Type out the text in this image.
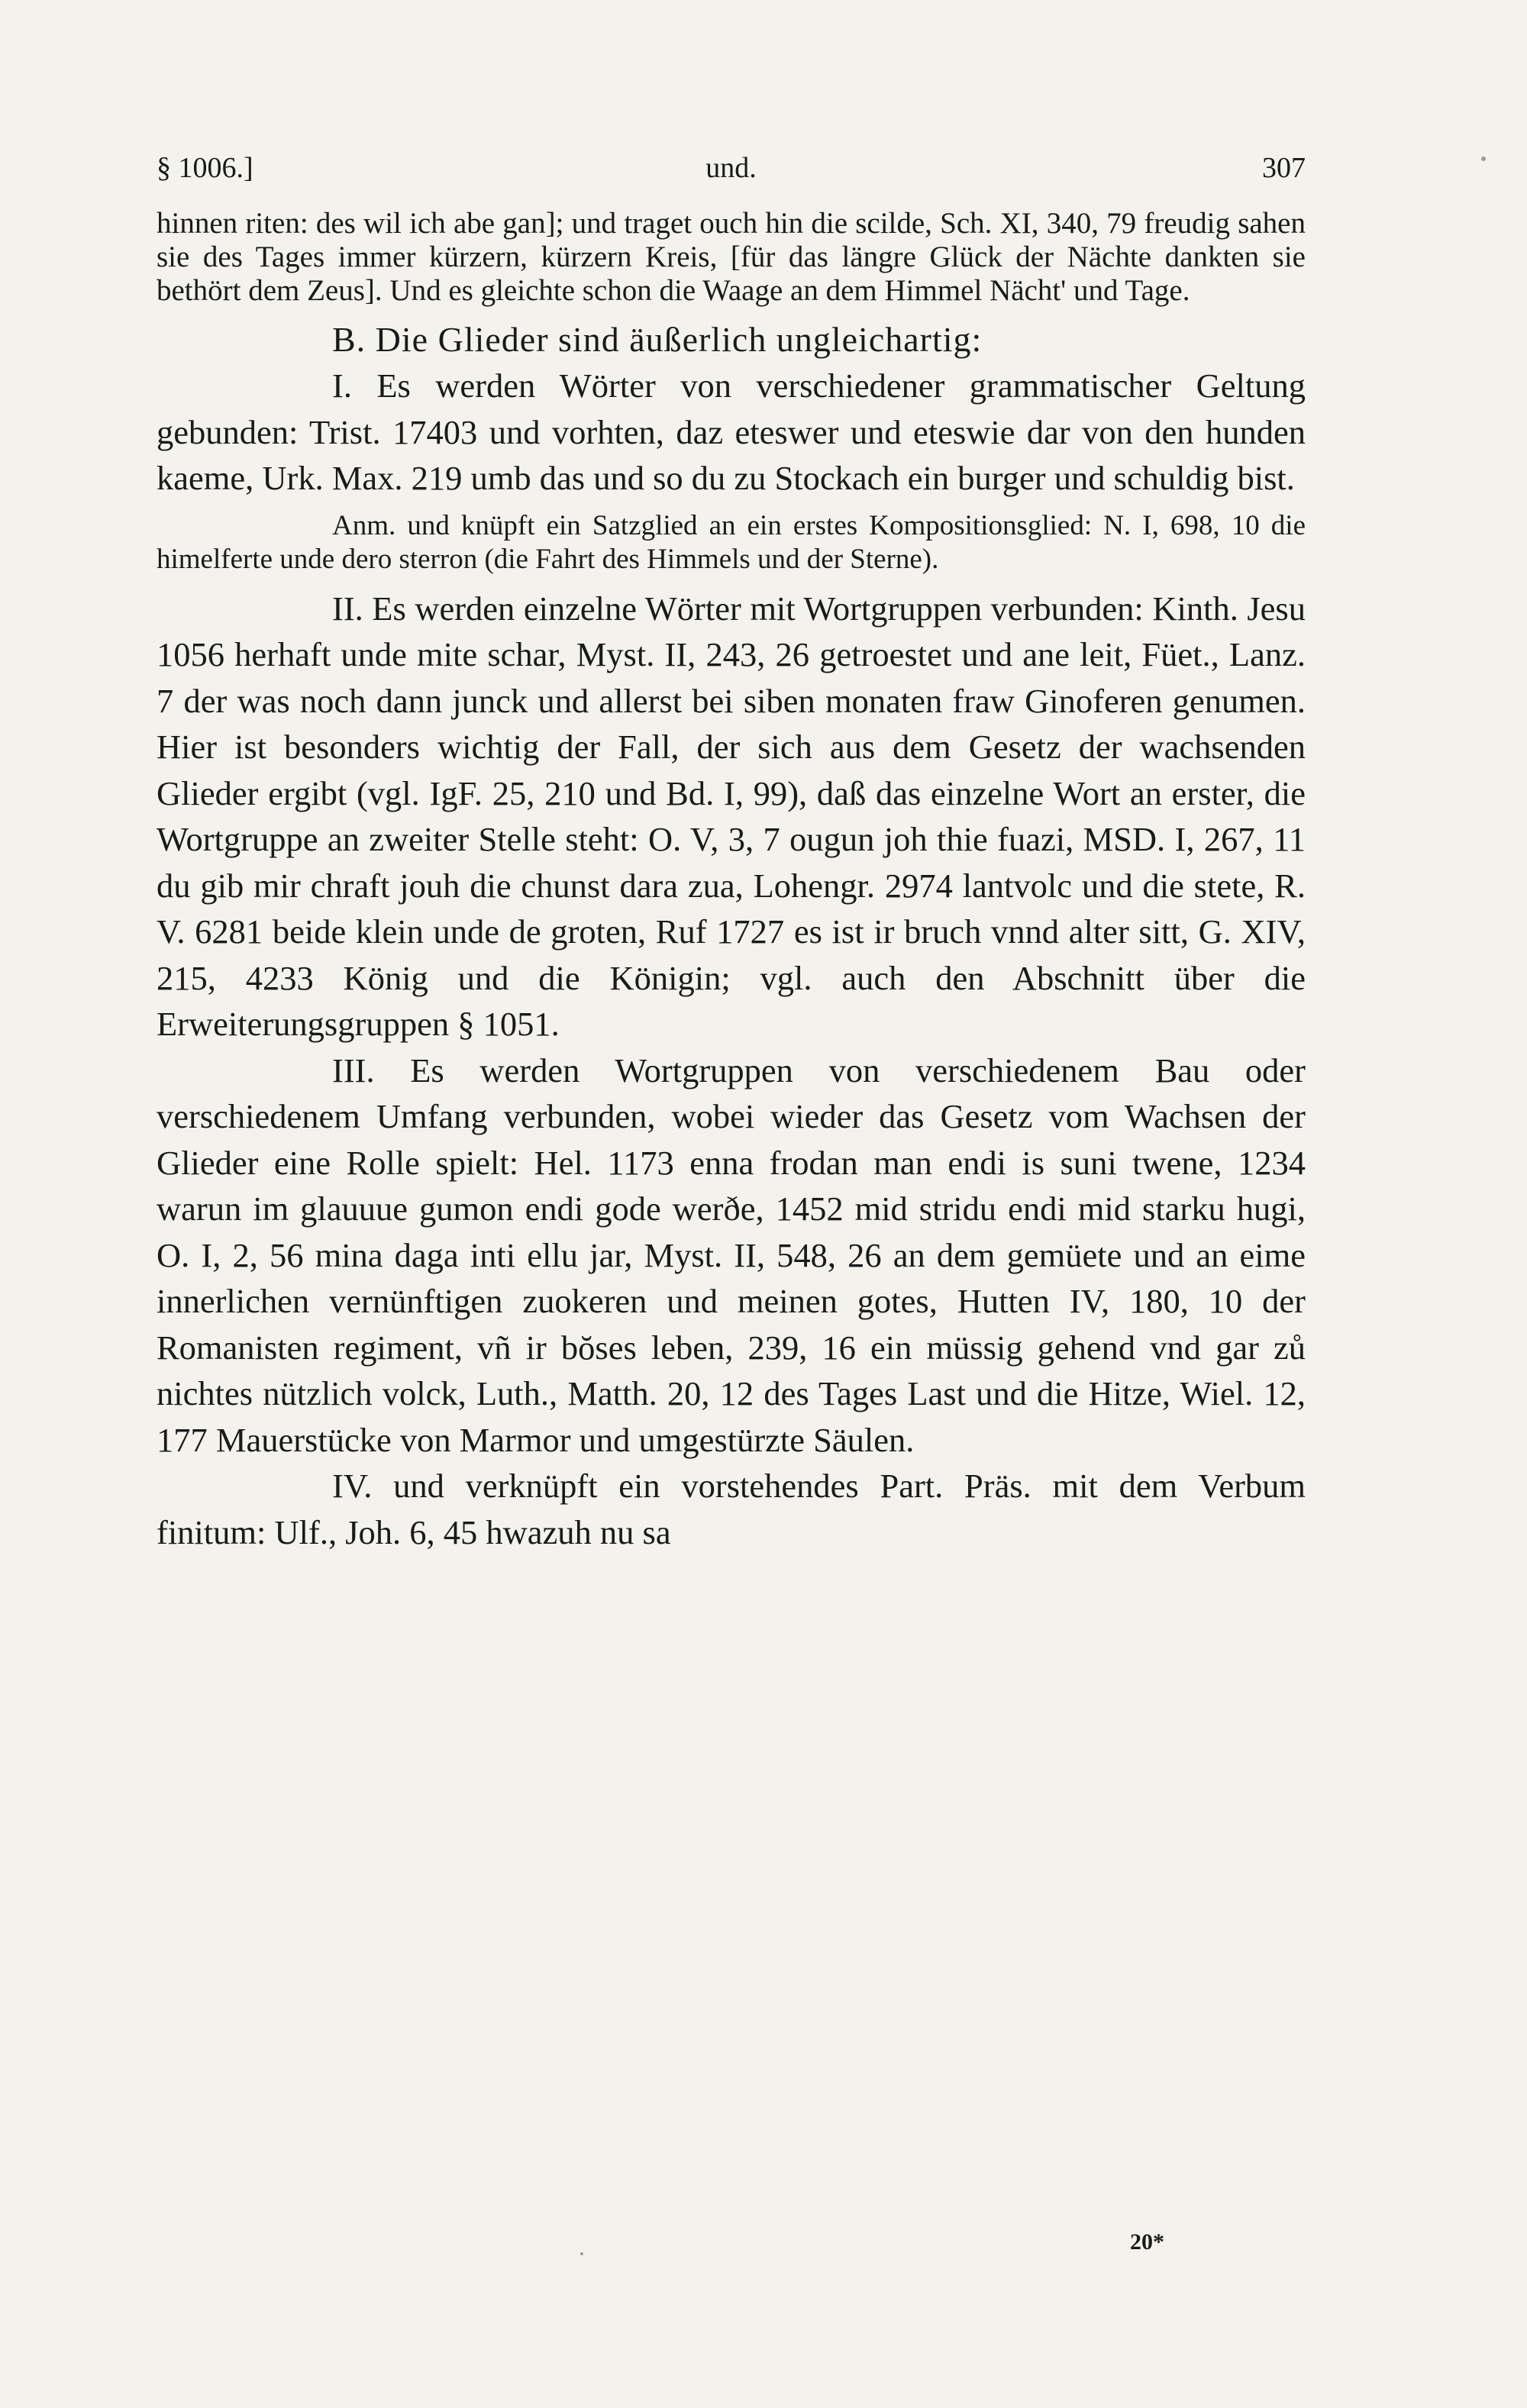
§ 1006.]	und.	307

hinnen riten: des wil ich abe gan]; und traget ouch hin die scilde, Sch. XI, 340, 79 freudig sahen sie des Tages immer kürzern, kürzern Kreis, [für das längre Glück der Nächte dankten sie bethört dem Zeus]. Und es gleichte schon die Waage an dem Himmel Nächt' und Tage.

B. Die Glieder sind äußerlich ungleichartig:

I. Es werden Wörter von verschiedener grammatischer Geltung gebunden: Trist. 17403 und vorhten, daz eteswer und eteswie dar von den hunden kaeme, Urk. Max. 219 umb das und so du zu Stockach ein burger und schuldig bist.

Anm. und knüpft ein Satzglied an ein erstes Kompositionsglied: N. I, 698, 10 die himelferte unde dero sterron (die Fahrt des Himmels und der Sterne).

II. Es werden einzelne Wörter mit Wortgruppen verbunden: Kinth. Jesu 1056 herhaft unde mite schar, Myst. II, 243, 26 getroestet und ane leit, Füet., Lanz. 7 der was noch dann junck und allerst bei siben monaten fraw Ginoferen genumen. Hier ist besonders wichtig der Fall, der sich aus dem Gesetz der wachsenden Glieder ergibt (vgl. IgF. 25, 210 und Bd. I, 99), daß das einzelne Wort an erster, die Wortgruppe an zweiter Stelle steht: O. V, 3, 7 ougun joh thie fuazi, MSD. I, 267, 11 du gib mir chraft jouh die chunst dara zua, Lohengr. 2974 lantvolc und die stete, R. V. 6281 beide klein unde de groten, Ruf 1727 es ist ir bruch vnnd alter sitt, G. XIV, 215, 4233 König und die Königin; vgl. auch den Abschnitt über die Erweiterungsgruppen § 1051.

III. Es werden Wortgruppen von verschiedenem Bau oder verschiedenem Umfang verbunden, wobei wieder das Gesetz vom Wachsen der Glieder eine Rolle spielt: Hel. 1173 enna frodan man endi is suni twene, 1234 warun im glauuue gumon endi gode werðe, 1452 mid stridu endi mid starku hugi, O. I, 2, 56 mina daga inti ellu jar, Myst. II, 548, 26 an dem gemüete und an eime innerlichen vernünftigen zuokeren und meinen gotes, Hutten IV, 180, 10 der Romanisten regiment, vñ ir bŏses leben, 239, 16 ein müssig gehend vnd gar zů nichtes nützlich volck, Luth., Matth. 20, 12 des Tages Last und die Hitze, Wiel. 12, 177 Mauerstücke von Marmor und umgestürzte Säulen.

IV. und verknüpft ein vorstehendes Part. Präs. mit dem Verbum finitum: Ulf., Joh. 6, 45 hwazuh nu sa

20*
